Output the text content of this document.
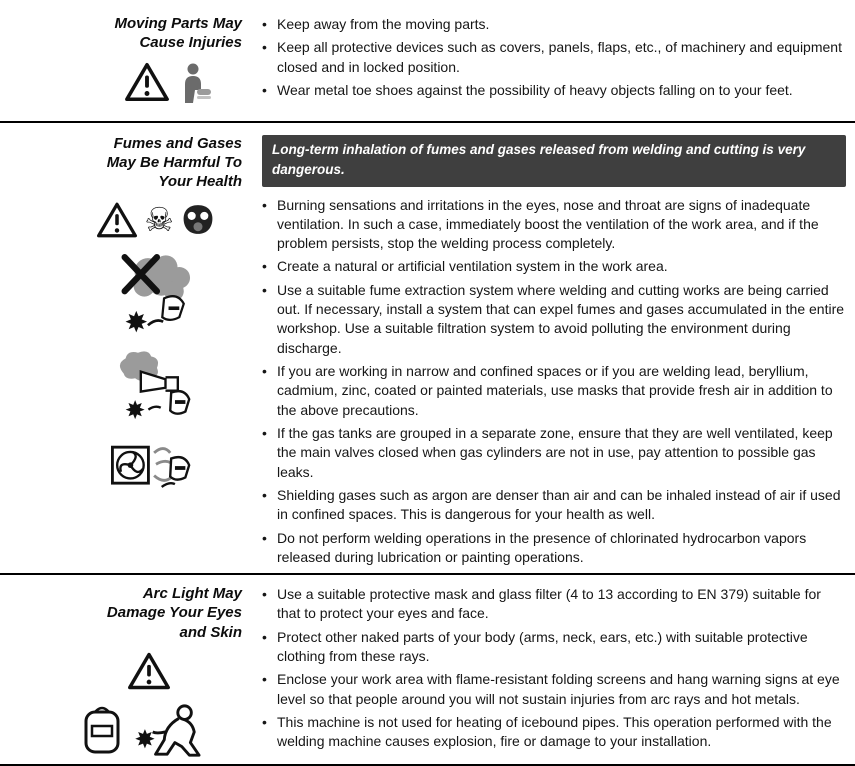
Moving Parts May
Cause Injuries
• Keep away from the moving parts.
• Keep all protective devices such as covers, panels, flaps, etc., of machinery and equipment closed and in locked position.
• Wear metal toe shoes against the possibility of heavy objects falling on to your feet.
Fumes and Gases
May Be Harmful To
Your Health
☠
Long-term inhalation of fumes and gases released from welding and cutting is very dangerous.
• Burning sensations and irritations in the eyes, nose and throat are signs of inadequate ventilation. In such a case, immediately boost the ventilation of the work area, and if the problem persists, stop the welding process completely.
• Create a natural or artificial ventilation system in the work area.
• Use a suitable fume extraction system where welding and cutting works are being carried out. If necessary, install a system that can expel fumes and gases accumulated in the entire workshop. Use a suitable filtration system to avoid polluting the environment during discharge.
• If you are working in narrow and confined spaces or if you are welding lead, beryllium, cadmium, zinc, coated or painted materials, use masks that provide fresh air in addition to the above precautions.
• If the gas tanks are grouped in a separate zone, ensure that they are well ventilated, keep the main valves closed when gas cylinders are not in use, pay attention to possible gas leaks.
• Shielding gases such as argon are denser than air and can be inhaled instead of air if used in confined spaces. This is dangerous for your health as well.
• Do not perform welding operations in the presence of chlorinated hydrocarbon vapors released during lubrication or painting operations.
Arc Light May
Damage Your Eyes
and Skin
• Use a suitable protective mask and glass filter (4 to 13 according to EN 379) suitable for that to protect your eyes and face.
• Protect other naked parts of your body (arms, neck, ears, etc.) with suitable protective clothing from these rays.
• Enclose your work area with flame-resistant folding screens and hang warning signs at eye level so that people around you will not sustain injuries from arc rays and hot metals.
• This machine is not used for heating of icebound pipes. This operation performed with the welding machine causes explosion, fire or damage to your installation.
